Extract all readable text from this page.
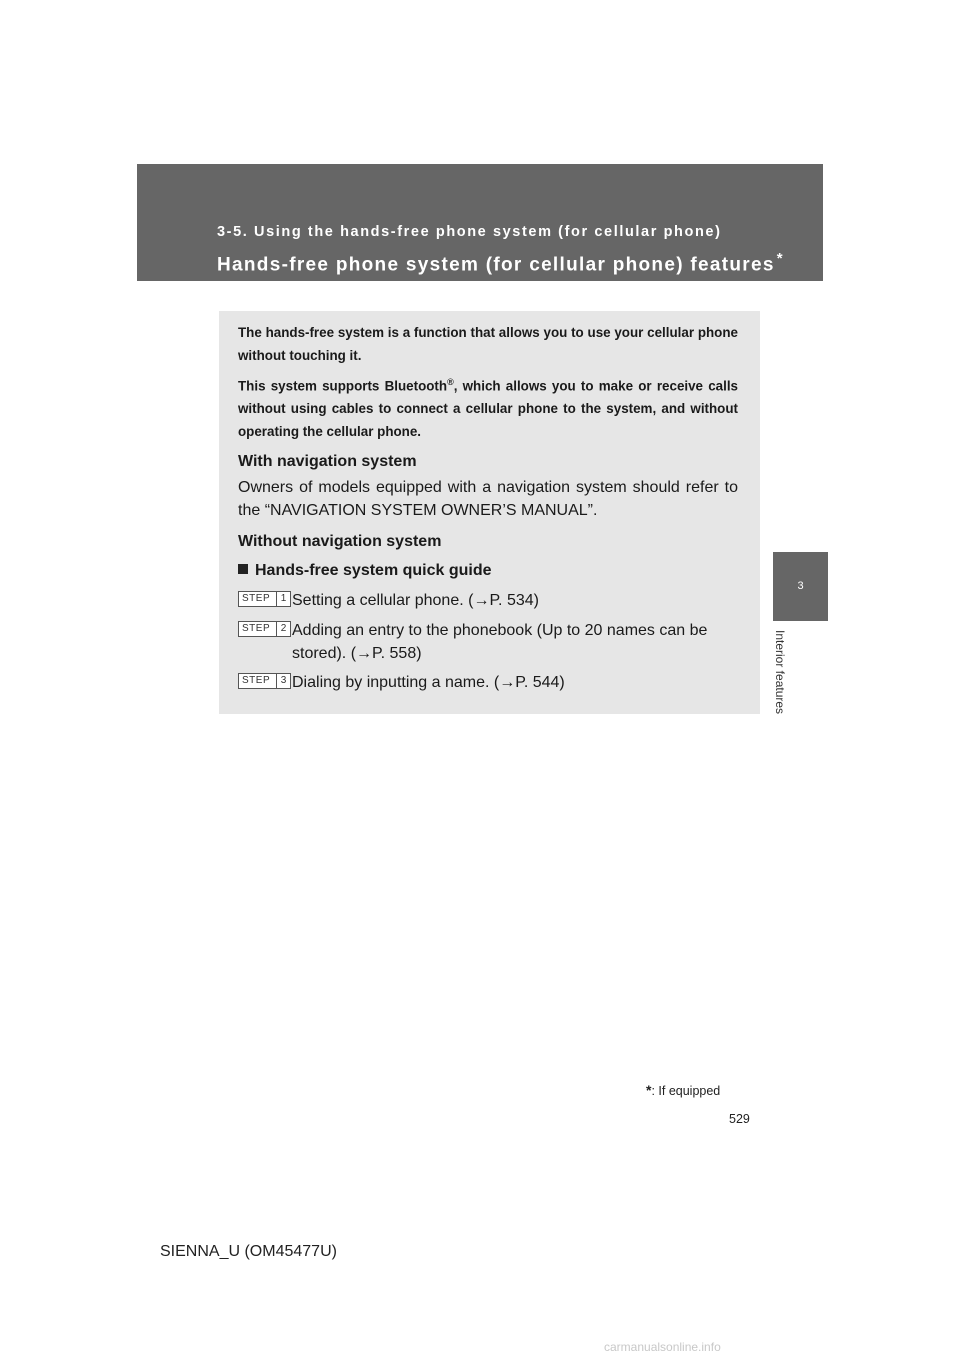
3-5. Using the hands-free phone system (for cellular phone)
Hands-free phone system (for cellular phone) features *
3
Interior features
The hands-free system is a function that allows you to use your cellular phone without touching it.
This system supports Bluetooth®, which allows you to make or receive calls without using cables to connect a cellular phone to the system, and without operating the cellular phone.
With navigation system
Owners of models equipped with a navigation system should refer to the “NAVIGATION SYSTEM OWNER’S MANUAL”.
Without navigation system
Hands-free system quick guide
STEP	1 Setting a cellular phone. (→P. 534)
STEP	2 Adding an entry to the phonebook (Up to 20 names can be stored). (→P. 558)
STEP	3 Dialing by inputting a name. (→P. 544)
*: If equipped
529
SIENNA_U (OM45477U)
carmanualsonline.info
